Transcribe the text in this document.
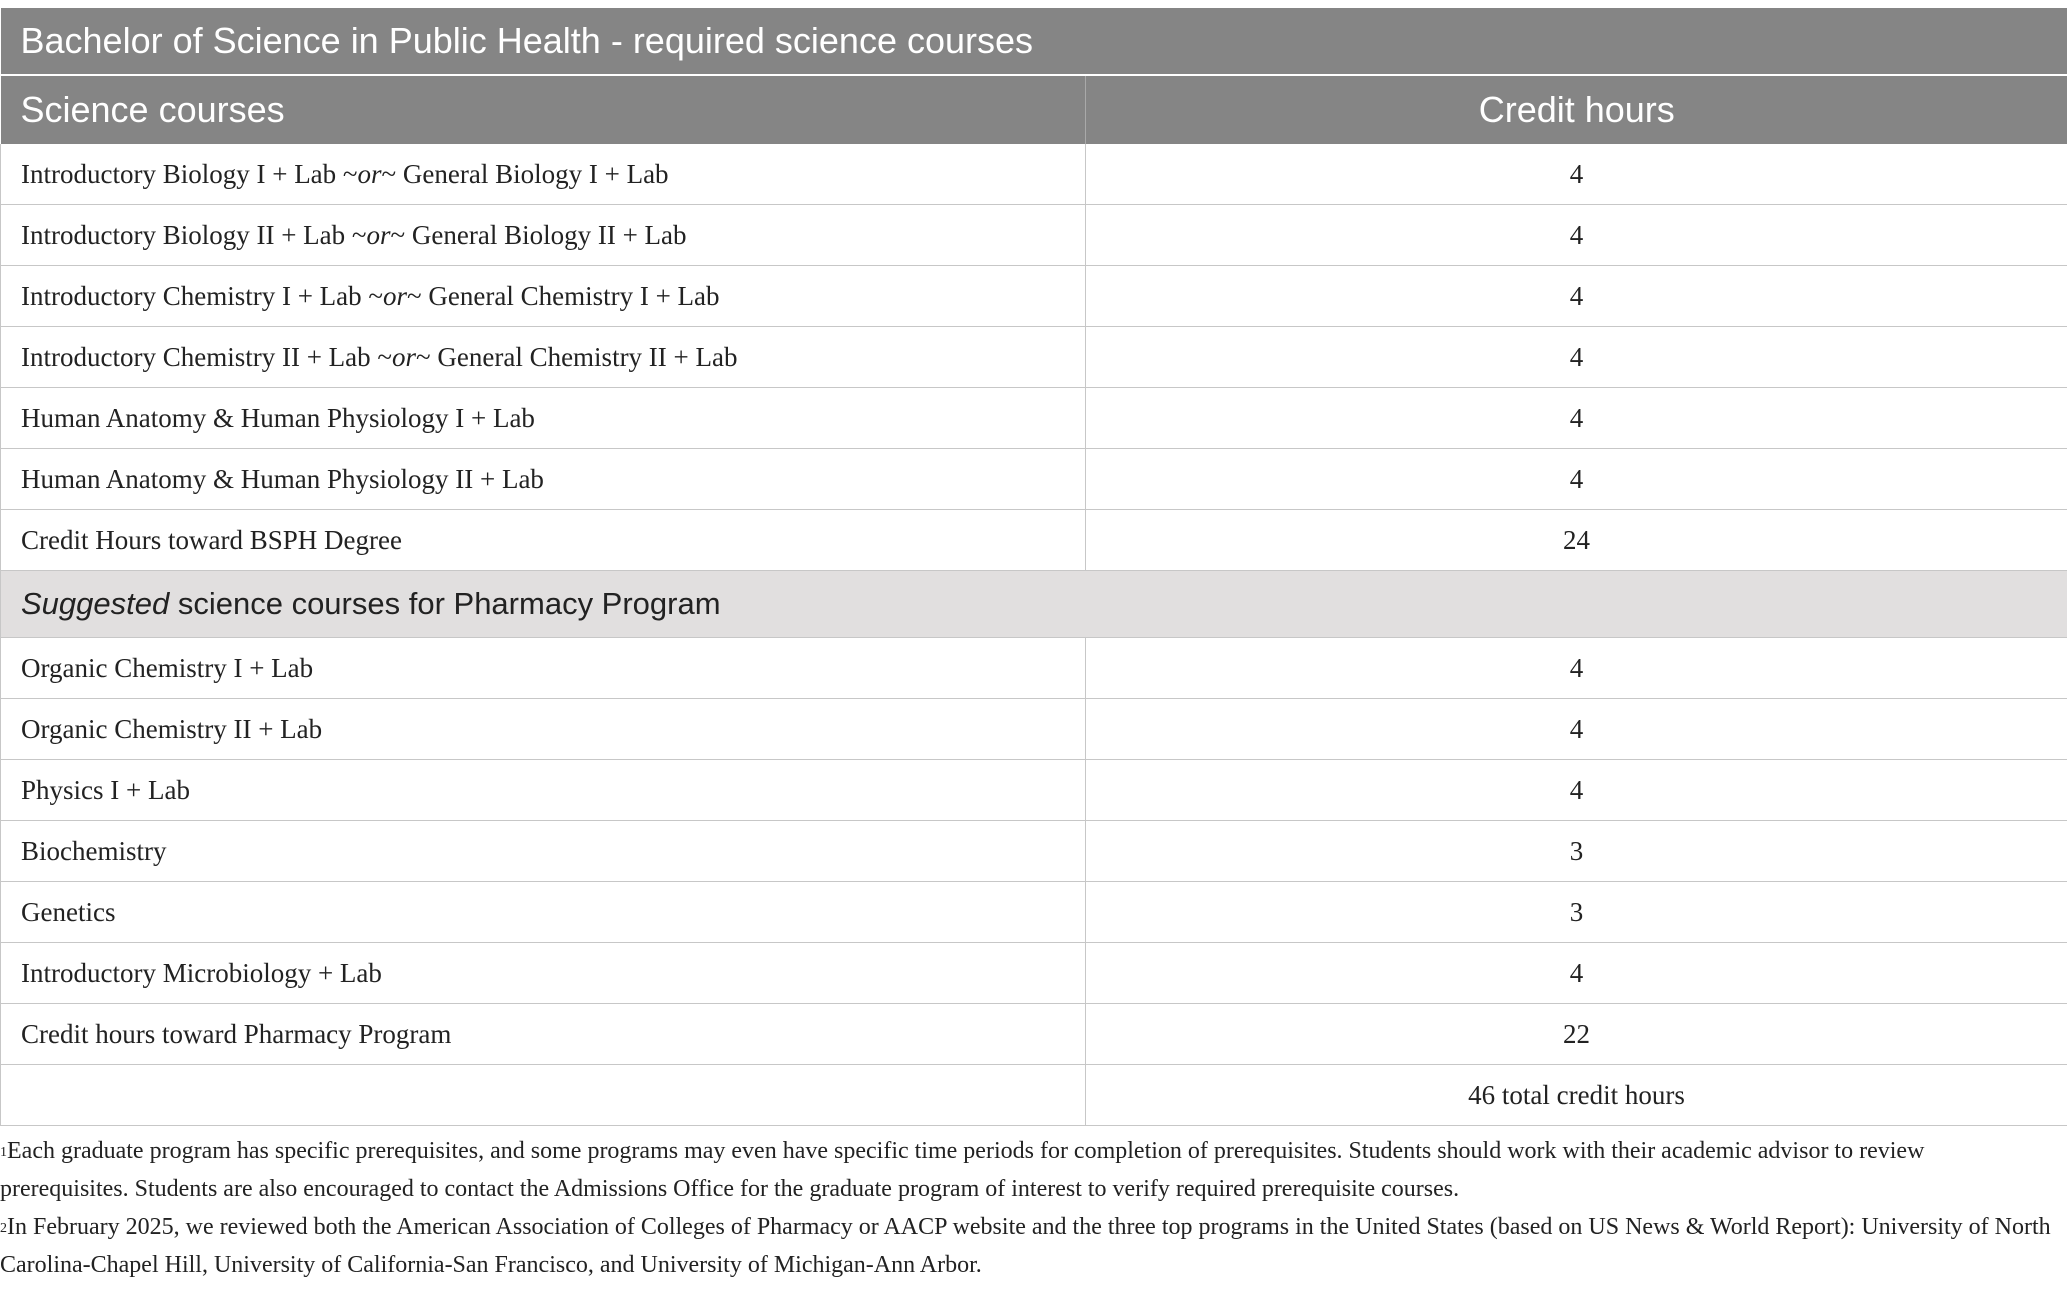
Bachelor of Science in Public Health - required science courses	
Science courses	Credit hours
Introductory Biology I + Lab ~or~ General Biology I + Lab	4
Introductory Biology II + Lab ~or~ General Biology II + Lab	4
Introductory Chemistry I + Lab ~or~ General Chemistry I + Lab	4
Introductory Chemistry II + Lab ~or~ General Chemistry II + Lab	4
Human Anatomy & Human Physiology I + Lab	4
Human Anatomy & Human Physiology II + Lab	4
Credit Hours toward BSPH Degree	24
Suggested science courses for Pharmacy Program	
Organic Chemistry I + Lab	4
Organic Chemistry II + Lab	4
Physics I + Lab	4
Biochemistry	3
Genetics	3
Introductory Microbiology + Lab	4
Credit hours toward Pharmacy Program	22
	46 total credit hours

$^1$Each graduate program has specific prerequisites, and some programs may even have specific time periods for completion of prerequisites. Students should work with their academic advisor to review prerequisites. Students are also encouraged to contact the Admissions Office for the graduate program of interest to verify required prerequisite courses.

$^2$In February 2025, we reviewed both the American Association of Colleges of Pharmacy or AACP website and the three top programs in the United States (based on US News & World Report): University of North Carolina-Chapel Hill, University of California-San Francisco, and University of Michigan-Ann Arbor.
